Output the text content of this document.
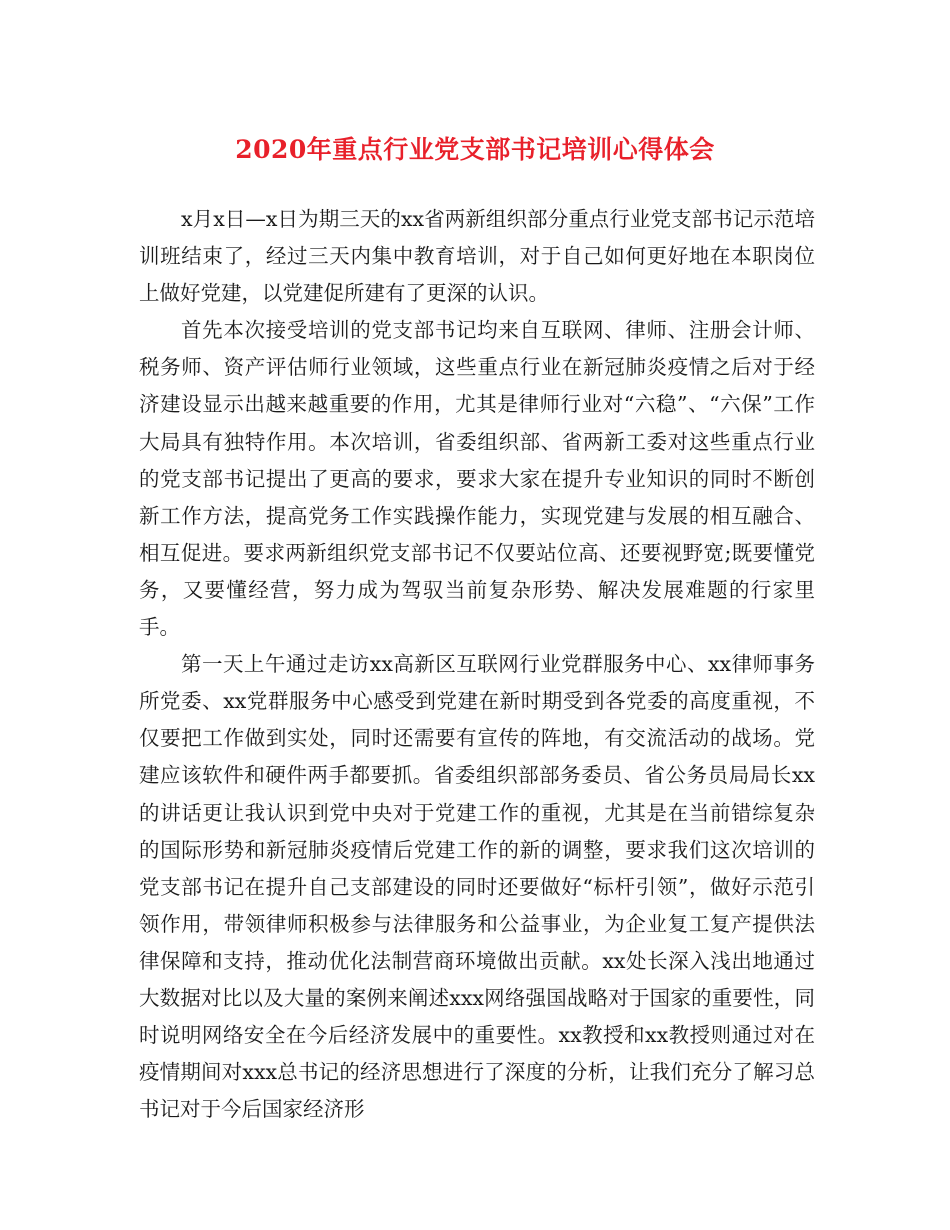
2020年重点行业党支部书记培训心得体会

x月x日—x日为期三天的xx省两新组织部分重点行业党支部书记示范培训班结束了，经过三天内集中教育培训，对于自己如何更好地在本职岗位上做好党建，以党建促所建有了更深的认识。

首先本次接受培训的党支部书记均来自互联网、律师、注册会计师、税务师、资产评估师行业领域，这些重点行业在新冠肺炎疫情之后对于经济建设显示出越来越重要的作用，尤其是律师行业对“六稳”、“六保”工作大局具有独特作用。本次培训，省委组织部、省两新工委对这些重点行业的党支部书记提出了更高的要求，要求大家在提升专业知识的同时不断创新工作方法，提高党务工作实践操作能力，实现党建与发展的相互融合、相互促进。要求两新组织党支部书记不仅要站位高、还要视野宽;既要懂党务，又要懂经营，努力成为驾驭当前复杂形势、解决发展难题的行家里手。

第一天上午通过走访xx高新区互联网行业党群服务中心、xx律师事务所党委、xx党群服务中心感受到党建在新时期受到各党委的高度重视，不仅要把工作做到实处，同时还需要有宣传的阵地，有交流活动的战场。党建应该软件和硬件两手都要抓。省委组织部部务委员、省公务员局局长xx的讲话更让我认识到党中央对于党建工作的重视，尤其是在当前错综复杂的国际形势和新冠肺炎疫情后党建工作的新的调整，要求我们这次培训的党支部书记在提升自己支部建设的同时还要做好“标杆引领”，做好示范引领作用，带领律师积极参与法律服务和公益事业，为企业复工复产提供法律保障和支持，推动优化法制营商环境做出贡献。xx处长深入浅出地通过大数据对比以及大量的案例来阐述xxx网络强国战略对于国家的重要性，同时说明网络安全在今后经济发展中的重要性。xx教授和xx教授则通过对在疫情期间对xxx总书记的经济思想进行了深度的分析，让我们充分了解习总书记对于今后国家经济形
